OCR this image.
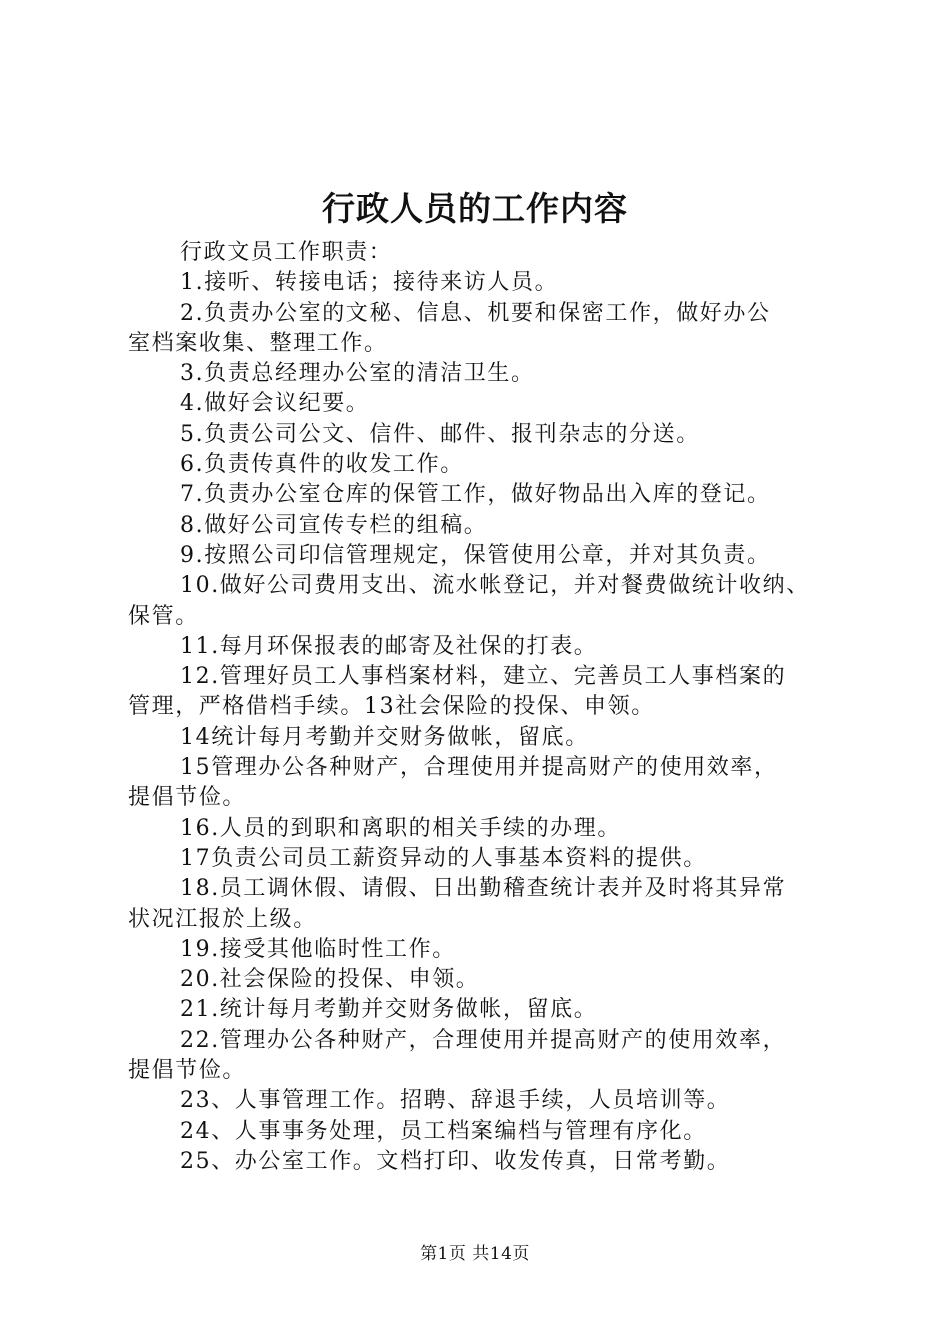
行政人员的工作内容

行政文员工作职责：

1.接听、转接电话；接待来访人员。

2.负责办公室的文秘、信息、机要和保密工作，做好办公

室档案收集、整理工作。

3.负责总经理办公室的清洁卫生。

4.做好会议纪要。

5.负责公司公文、信件、邮件、报刊杂志的分送。

6.负责传真件的收发工作。

7.负责办公室仓库的保管工作，做好物品出入库的登记。

8.做好公司宣传专栏的组稿。

9.按照公司印信管理规定，保管使用公章，并对其负责。

10.做好公司费用支出、流水帐登记，并对餐费做统计收纳、

保管。

11.每月环保报表的邮寄及社保的打表。

12.管理好员工人事档案材料，建立、完善员工人事档案的

管理，严格借档手续。13社会保险的投保、申领。

14统计每月考勤并交财务做帐，留底。

15管理办公各种财产，合理使用并提高财产的使用效率，

提倡节俭。

16.人员的到职和离职的相关手续的办理。

17负责公司员工薪资异动的人事基本资料的提供。

18.员工调休假、请假、日出勤稽查统计表并及时将其异常

状况江报於上级。

19.接受其他临时性工作。

20.社会保险的投保、申领。

21.统计每月考勤并交财务做帐，留底。

22.管理办公各种财产，合理使用并提高财产的使用效率，

提倡节俭。

23、人事管理工作。招聘、辞退手续，人员培训等。

24、人事事务处理，员工档案编档与管理有序化。

25、办公室工作。文档打印、收发传真，日常考勤。

第1页 共14页
